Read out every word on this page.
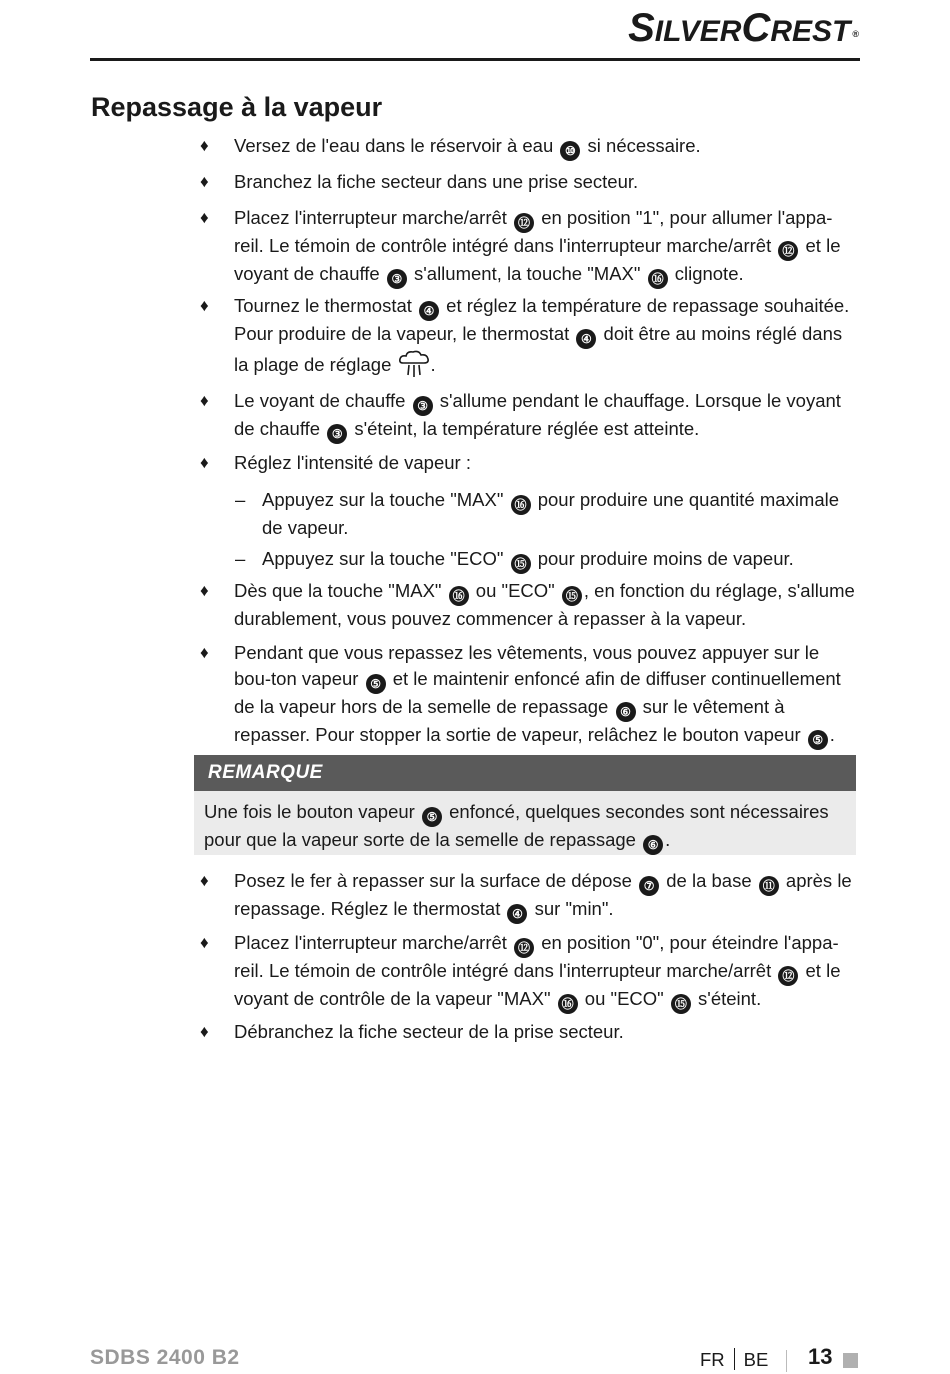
SILVERCREST ®
Repassage à la vapeur
♦ Versez de l'eau dans le réservoir à eau ⑩ si nécessaire.
♦ Branchez la fiche secteur dans une prise secteur.
♦ Placez l'interrupteur marche/arrêt ⑫ en position "1", pour allumer l'appa-reil. Le témoin de contrôle intégré dans l'interrupteur marche/arrêt ⑫ et le voyant de chauffe ③ s'allument, la touche "MAX" ⑯ clignote.
♦ Tournez le thermostat ④ et réglez la température de repassage souhaitée. Pour produire de la vapeur, le thermostat ④ doit être au moins réglé dans la plage de réglage .
♦ Le voyant de chauffe ③ s'allume pendant le chauffage. Lorsque le voyant de chauffe ③ s'éteint, la température réglée est atteinte.
♦ Réglez l'intensité de vapeur :
– Appuyez sur la touche "MAX" ⑯ pour produire une quantité maximale de vapeur.
– Appuyez sur la touche "ECO" ⑮ pour produire moins de vapeur.
♦ Dès que la touche "MAX" ⑯ ou "ECO" ⑮ , en fonction du réglage, s'allume durablement, vous pouvez commencer à repasser à la vapeur.
♦ Pendant que vous repassez les vêtements, vous pouvez appuyer sur le bou-ton vapeur ⑤ et le maintenir enfoncé afin de diffuser continuellement de la vapeur hors de la semelle de repassage ⑥ sur le vêtement à repasser. Pour stopper la sortie de vapeur, relâchez le bouton vapeur ⑤ .
REMARQUE
Une fois le bouton vapeur ⑤ enfoncé, quelques secondes sont nécessaires pour que la vapeur sorte de la semelle de repassage ⑥ .
♦ Posez le fer à repasser sur la surface de dépose ⑦ de la base ⑪ après le repassage. Réglez le thermostat ④ sur "min".
♦ Placez l'interrupteur marche/arrêt ⑫ en position "0", pour éteindre l'appa-reil. Le témoin de contrôle intégré dans l'interrupteur marche/arrêt ⑫ et le voyant de contrôle de la vapeur "MAX" ⑯ ou "ECO" ⑮ s'éteint.
♦ Débranchez la fiche secteur de la prise secteur.
SDBS 2400 B2	FR BE 13
